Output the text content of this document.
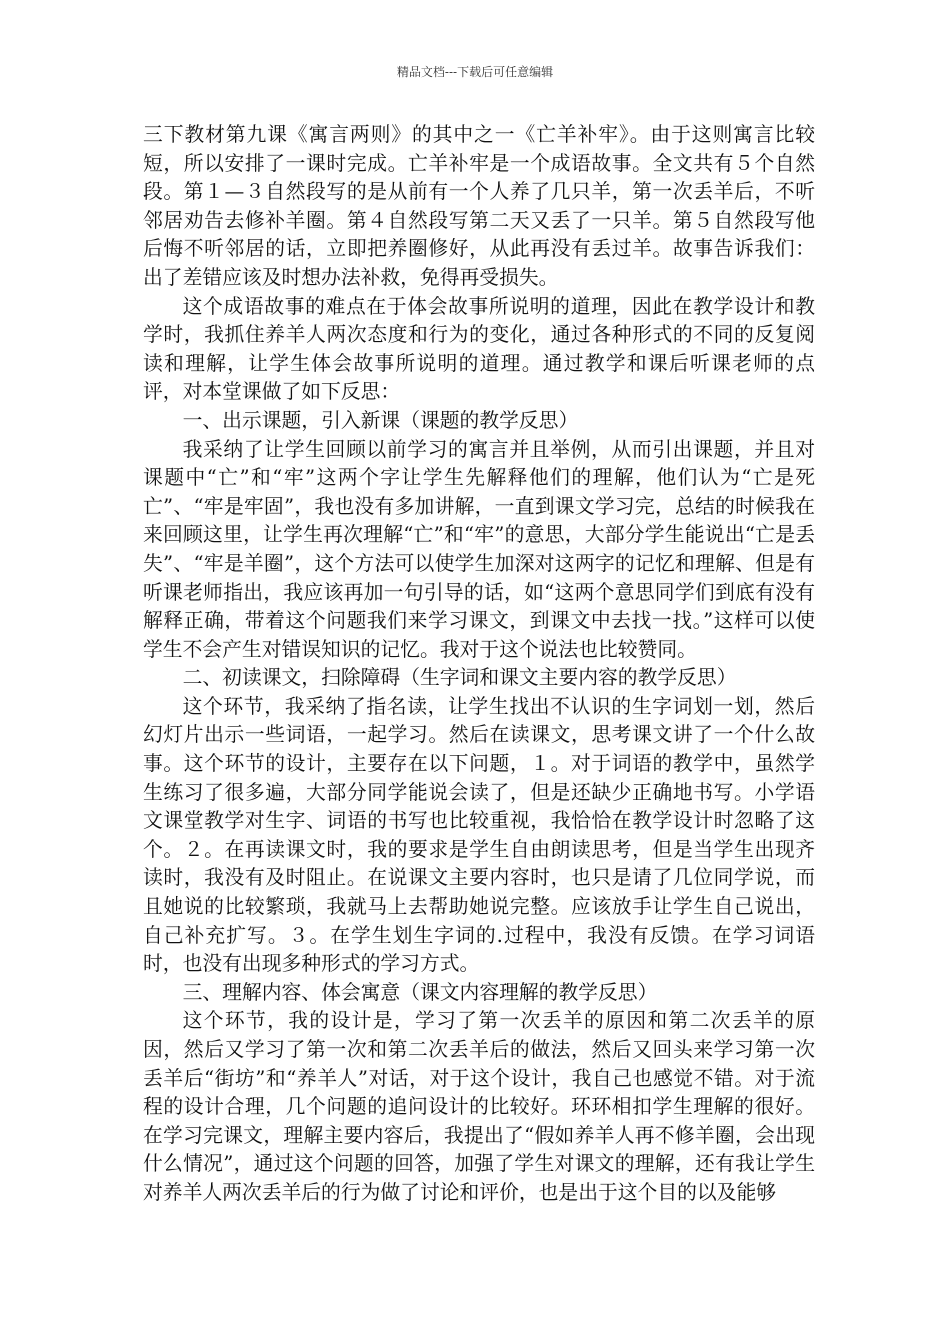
精品文档---下载后可任意编辑

三下教材第九课《寓言两则》的其中之一《亡羊补牢》。由于这则寓言比较短，所以安排了一课时完成。亡羊补牢是一个成语故事。全文共有５个自然段。第１—３自然段写的是从前有一个人养了几只羊，第一次丢羊后，不听邻居劝告去修补羊圈。第４自然段写第二天又丢了一只羊。第５自然段写他后悔不听邻居的话，立即把养圈修好，从此再没有丢过羊。故事告诉我们：出了差错应该及时想办法补救，免得再受损失。

这个成语故事的难点在于体会故事所说明的道理，因此在教学设计和教学时，我抓住养羊人两次态度和行为的变化，通过各种形式的不同的反复阅读和理解，让学生体会故事所说明的道理。通过教学和课后听课老师的点评，对本堂课做了如下反思：

一、出示课题，引入新课（课题的教学反思）

我采纳了让学生回顾以前学习的寓言并且举例，从而引出课题，并且对课题中“亡”和“牢”这两个字让学生先解释他们的理解，他们认为“亡是死亡”、“牢是牢固”，我也没有多加讲解，一直到课文学习完，总结的时候我在来回顾这里，让学生再次理解“亡”和“牢”的意思，大部分学生能说出“亡是丢失”、“牢是羊圈”，这个方法可以使学生加深对这两字的记忆和理解、但是有听课老师指出，我应该再加一句引导的话，如“这两个意思同学们到底有没有解释正确，带着这个问题我们来学习课文，到课文中去找一找。”这样可以使学生不会产生对错误知识的记忆。我对于这个说法也比较赞同。

二、初读课文，扫除障碍（生字词和课文主要内容的教学反思）

这个环节，我采纳了指名读，让学生找出不认识的生字词划一划，然后幻灯片出示一些词语，一起学习。然后在读课文，思考课文讲了一个什么故事。这个环节的设计，主要存在以下问题，１。对于词语的教学中，虽然学生练习了很多遍，大部分同学能说会读了，但是还缺少正确地书写。小学语文课堂教学对生字、词语的书写也比较重视，我恰恰在教学设计时忽略了这个。２。在再读课文时，我的要求是学生自由朗读思考，但是当学生出现齐读时，我没有及时阻止。在说课文主要内容时，也只是请了几位同学说，而且她说的比较繁琐，我就马上去帮助她说完整。应该放手让学生自己说出，自己补充扩写。３。在学生划生字词的.过程中，我没有反馈。在学习词语时，也没有出现多种形式的学习方式。

三、理解内容、体会寓意（课文内容理解的教学反思）

这个环节，我的设计是，学习了第一次丢羊的原因和第二次丢羊的原因，然后又学习了第一次和第二次丢羊后的做法，然后又回头来学习第一次丢羊后“街坊”和“养羊人”对话，对于这个设计，我自己也感觉不错。对于流程的设计合理，几个问题的追问设计的比较好。环环相扣学生理解的很好。在学习完课文，理解主要内容后，我提出了“假如养羊人再不修羊圈，会出现什么情况”，通过这个问题的回答，加强了学生对课文的理解，还有我让学生对养羊人两次丢羊后的行为做了讨论和评价，也是出于这个目的以及能够
